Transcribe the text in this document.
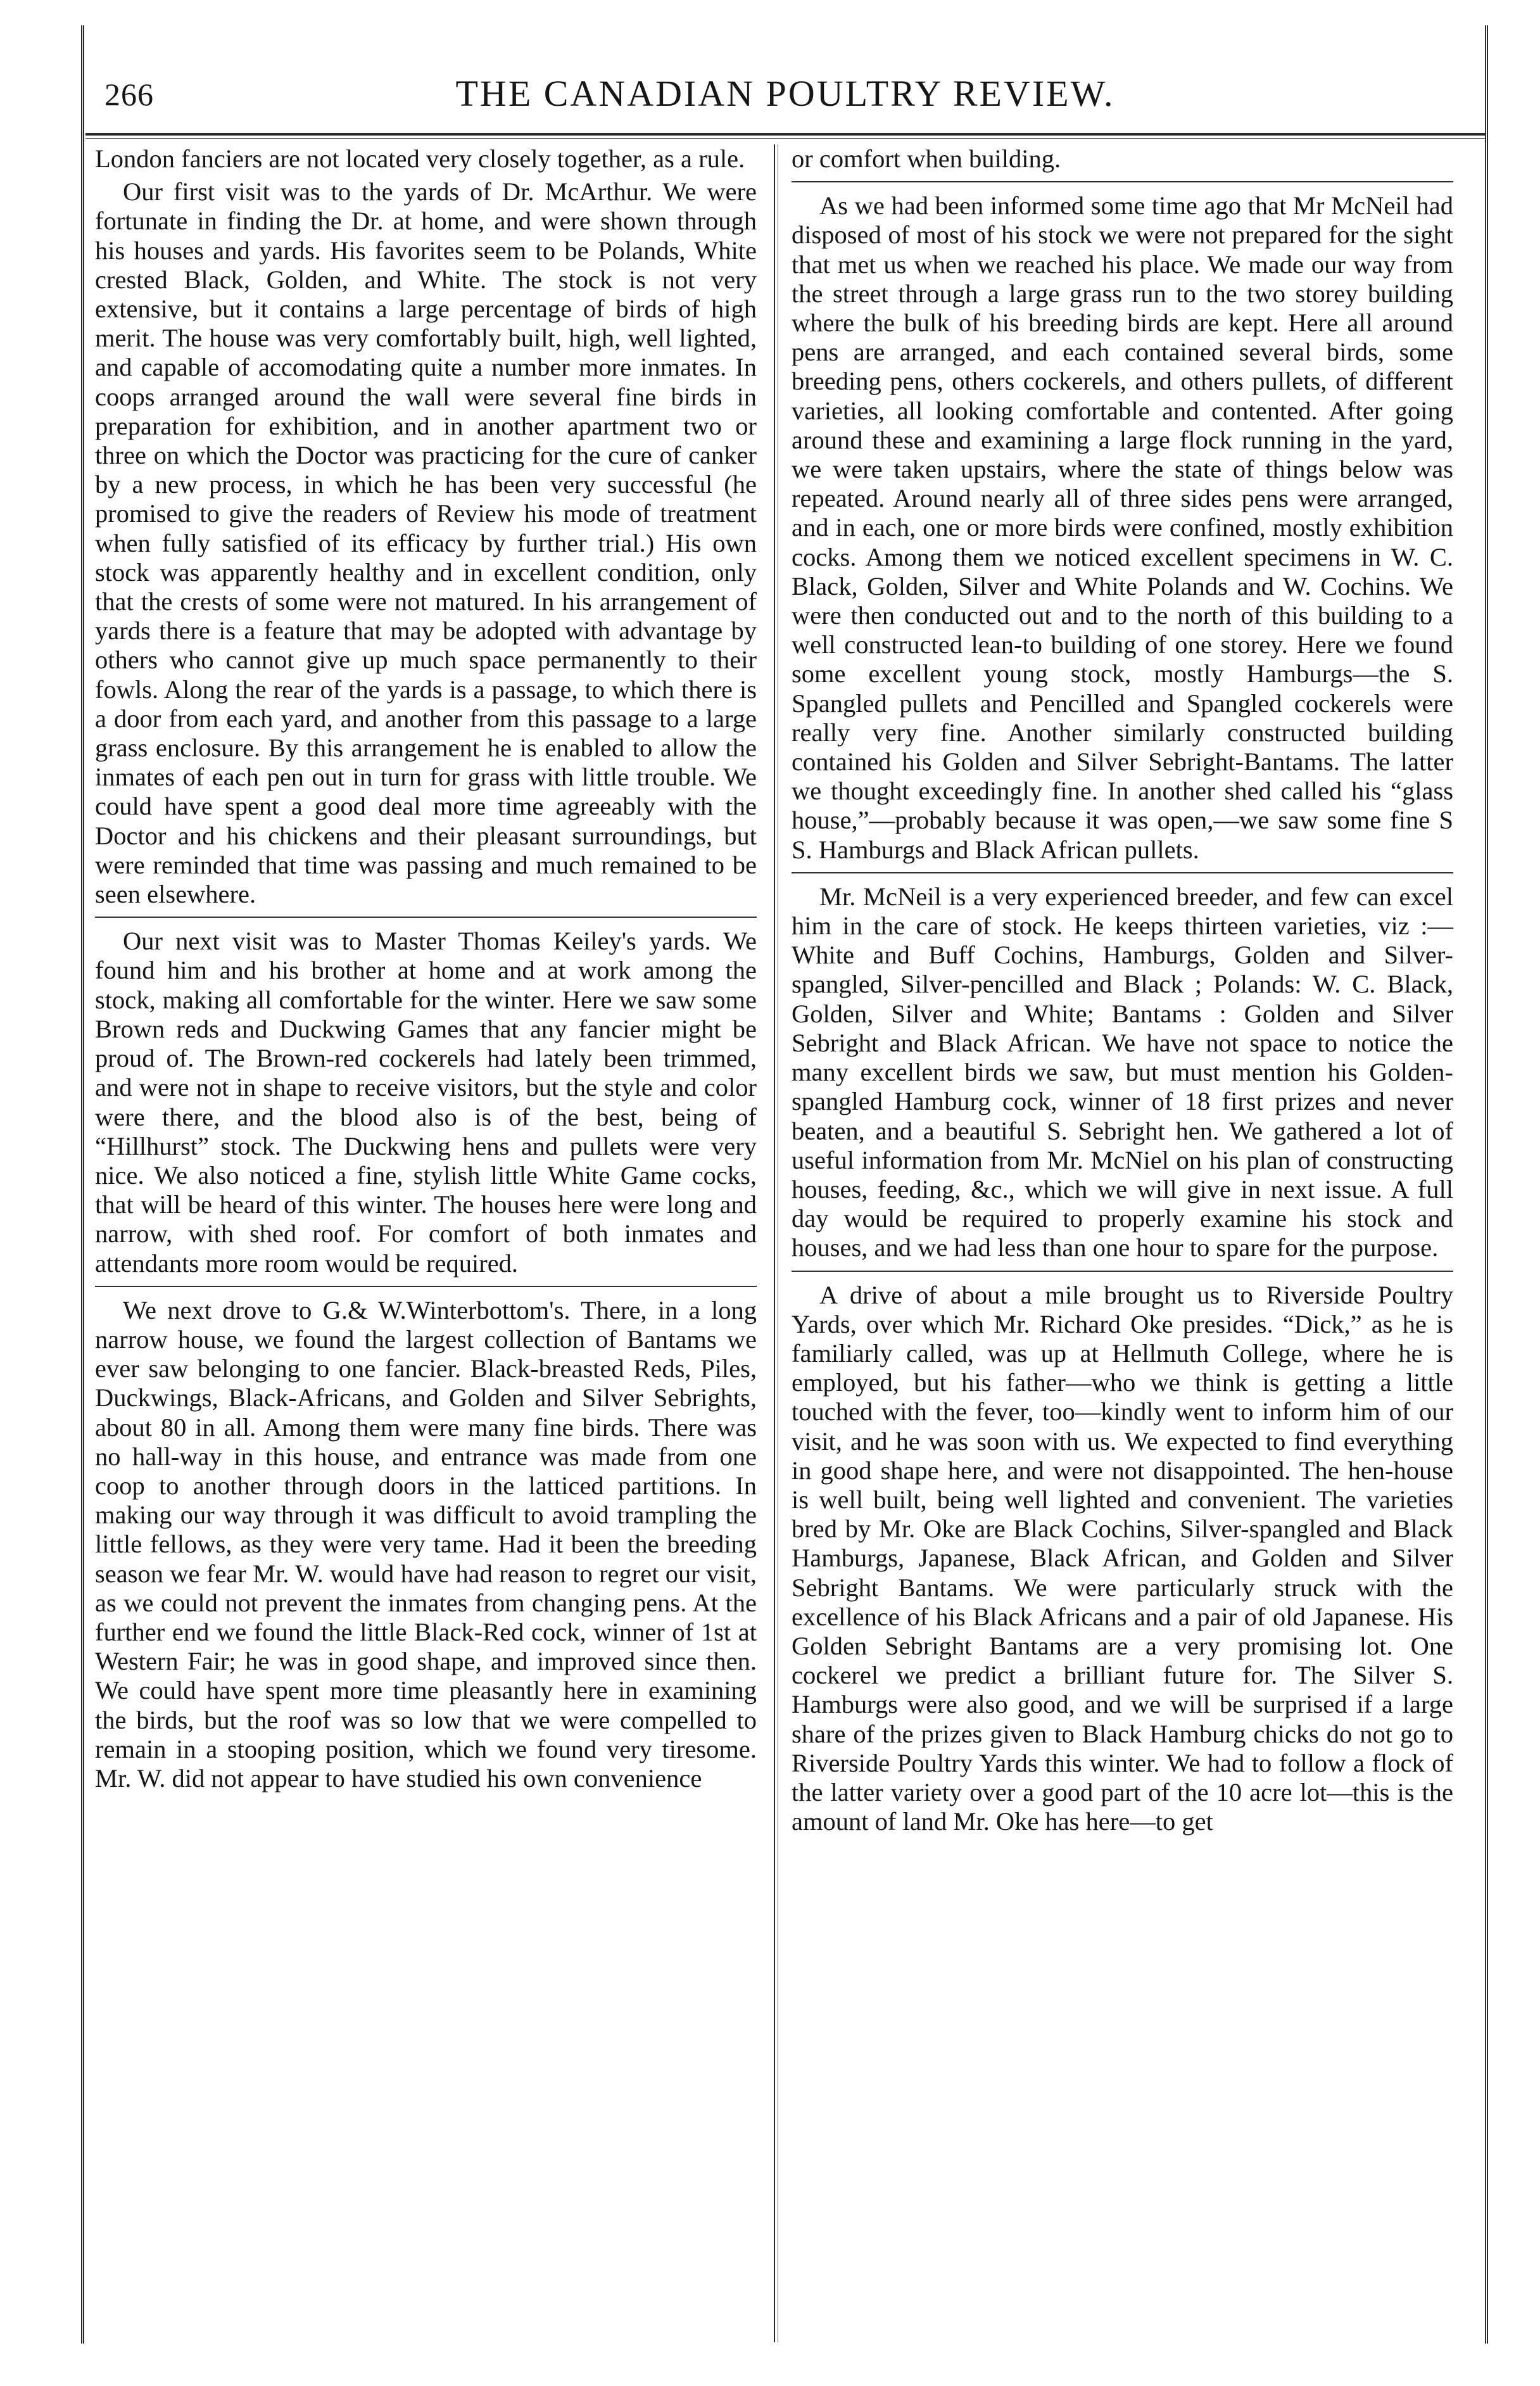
266	THE CANADIAN POULTRY REVIEW.

London fanciers are not located very closely together, as a rule.

Our first visit was to the yards of Dr. McArthur. We were fortunate in finding the Dr. at home, and were shown through his houses and yards. His favorites seem to be Polands, White crested Black, Golden, and White. The stock is not very extensive, but it contains a large percentage of birds of high merit. The house was very comfortably built, high, well lighted, and capable of accomodating quite a number more inmates. In coops arranged around the wall were several fine birds in preparation for exhibition, and in another apartment two or three on which the Doctor was practicing for the cure of canker by a new process, in which he has been very successful (he promised to give the readers of Review his mode of treatment when fully satisfied of its efficacy by further trial.) His own stock was apparently healthy and in excellent condition, only that the crests of some were not matured. In his arrangement of yards there is a feature that may be adopted with advantage by others who cannot give up much space permanently to their fowls. Along the rear of the yards is a passage, to which there is a door from each yard, and another from this passage to a large grass enclosure. By this arrangement he is enabled to allow the inmates of each pen out in turn for grass with little trouble. We could have spent a good deal more time agreeably with the Doctor and his chickens and their pleasant surroundings, but were reminded that time was passing and much remained to be seen elsewhere.

Our next visit was to Master Thomas Keiley's yards. We found him and his brother at home and at work among the stock, making all comfortable for the winter. Here we saw some Brown reds and Duckwing Games that any fancier might be proud of. The Brown-red cockerels had lately been trimmed, and were not in shape to receive visitors, but the style and color were there, and the blood also is of the best, being of “Hillhurst” stock. The Duckwing hens and pullets were very nice. We also noticed a fine, stylish little White Game cocks, that will be heard of this winter. The houses here were long and narrow, with shed roof. For comfort of both inmates and attendants more room would be required.

We next drove to G.& W.Winterbottom's. There, in a long narrow house, we found the largest collection of Bantams we ever saw belonging to one fancier. Black-breasted Reds, Piles, Duckwings, Black-Africans, and Golden and Silver Sebrights, about 80 in all. Among them were many fine birds. There was no hall-way in this house, and entrance was made from one coop to another through doors in the latticed partitions. In making our way through it was difficult to avoid trampling the little fellows, as they were very tame. Had it been the breeding season we fear Mr. W. would have had reason to regret our visit, as we could not prevent the inmates from changing pens. At the further end we found the little Black-Red cock, winner of 1st at Western Fair; he was in good shape, and improved since then. We could have spent more time pleasantly here in examining the birds, but the roof was so low that we were compelled to remain in a stooping position, which we found very tiresome. Mr. W. did not appear to have studied his own convenience

or comfort when building.

As we had been informed some time ago that Mr McNeil had disposed of most of his stock we were not prepared for the sight that met us when we reached his place. We made our way from the street through a large grass run to the two storey building where the bulk of his breeding birds are kept. Here all around pens are arranged, and each contained several birds, some breeding pens, others cockerels, and others pullets, of different varieties, all looking comfortable and contented. After going around these and examining a large flock running in the yard, we were taken upstairs, where the state of things below was repeated. Around nearly all of three sides pens were arranged, and in each, one or more birds were confined, mostly exhibition cocks. Among them we noticed excellent specimens in W. C. Black, Golden, Silver and White Polands and W. Cochins. We were then conducted out and to the north of this building to a well constructed lean-to building of one storey. Here we found some excellent young stock, mostly Hamburgs—the S. Spangled pullets and Pencilled and Spangled cockerels were really very fine. Another similarly constructed building contained his Golden and Silver Sebright-Bantams. The latter we thought exceedingly fine. In another shed called his “glass house,”—probably because it was open,—we saw some fine S S. Hamburgs and Black African pullets.

Mr. McNeil is a very experienced breeder, and few can excel him in the care of stock. He keeps thirteen varieties, viz :—White and Buff Cochins, Hamburgs, Golden and Silver-spangled, Silver-pencilled and Black ; Polands: W. C. Black, Golden, Silver and White; Bantams : Golden and Silver Sebright and Black African. We have not space to notice the many excellent birds we saw, but must mention his Golden-spangled Hamburg cock, winner of 18 first prizes and never beaten, and a beautiful S. Sebright hen. We gathered a lot of useful information from Mr. McNiel on his plan of constructing houses, feeding, &c., which we will give in next issue. A full day would be required to properly examine his stock and houses, and we had less than one hour to spare for the purpose.

A drive of about a mile brought us to Riverside Poultry Yards, over which Mr. Richard Oke presides. “Dick,” as he is familiarly called, was up at Hellmuth College, where he is employed, but his father—who we think is getting a little touched with the fever, too—kindly went to inform him of our visit, and he was soon with us. We expected to find everything in good shape here, and were not disappointed. The hen-house is well built, being well lighted and convenient. The varieties bred by Mr. Oke are Black Cochins, Silver-spangled and Black Hamburgs, Japanese, Black African, and Golden and Silver Sebright Bantams. We were particularly struck with the excellence of his Black Africans and a pair of old Japanese. His Golden Sebright Bantams are a very promising lot. One cockerel we predict a brilliant future for. The Silver S. Hamburgs were also good, and we will be surprised if a large share of the prizes given to Black Hamburg chicks do not go to Riverside Poultry Yards this winter. We had to follow a flock of the latter variety over a good part of the 10 acre lot—this is the amount of land Mr. Oke has here—to get
